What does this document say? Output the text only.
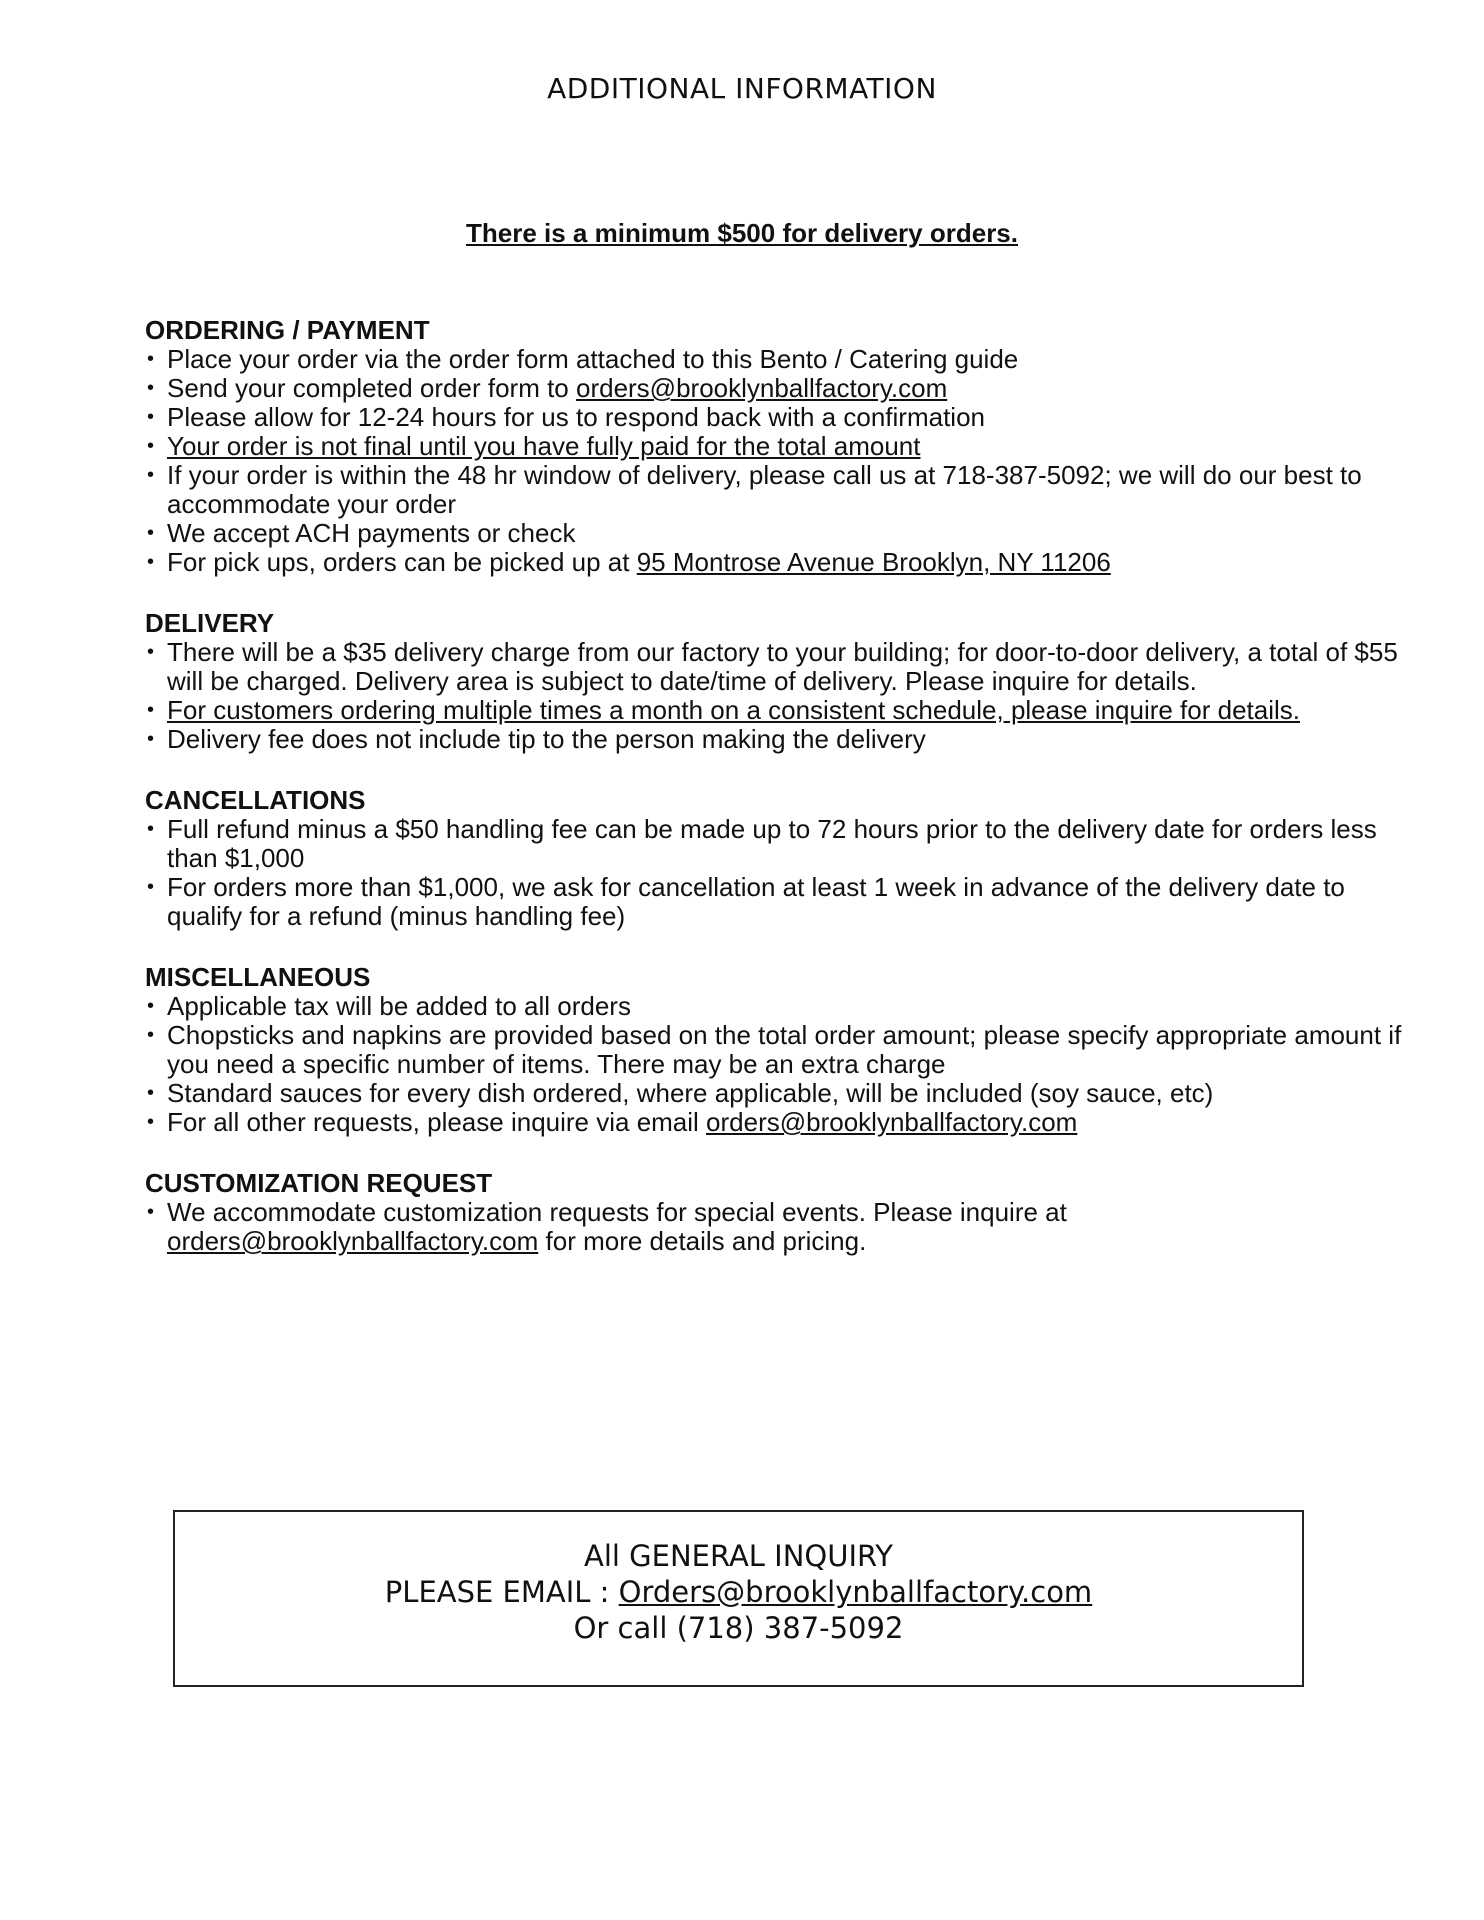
ADDITIONAL INFORMATION
There is a minimum $500 for delivery orders.
ORDERING / PAYMENT
• Place your order via the order form attached to this Bento / Catering guide
• Send your completed order form to orders@brooklynballfactory.com
• Please allow for 12-24 hours for us to respond back with a confirmation
• Your order is not final until you have fully paid for the total amount
• If your order is within the 48 hr window of delivery, please call us at 718-387-5092; we will do our best to accommodate your order
• We accept ACH payments or check
• For pick ups, orders can be picked up at 95 Montrose Avenue Brooklyn, NY 11206
DELIVERY
• There will be a $35 delivery charge from our factory to your building; for door-to-door delivery, a total of $55 will be charged. Delivery area is subject to date/time of delivery. Please inquire for details.
• For customers ordering multiple times a month on a consistent schedule, please inquire for details.
• Delivery fee does not include tip to the person making the delivery
CANCELLATIONS
• Full refund minus a $50 handling fee can be made up to 72 hours prior to the delivery date for orders less than $1,000
• For orders more than $1,000, we ask for cancellation at least 1 week in advance of the delivery date to qualify for a refund (minus handling fee)
MISCELLANEOUS
• Applicable tax will be added to all orders
• Chopsticks and napkins are provided based on the total order amount; please specify appropriate amount if you need a specific number of items. There may be an extra charge
• Standard sauces for every dish ordered, where applicable, will be included (soy sauce, etc)
• For all other requests, please inquire via email orders@brooklynballfactory.com
CUSTOMIZATION REQUEST
• We accommodate customization requests for special events. Please inquire at orders@brooklynballfactory.com for more details and pricing.
All GENERAL INQUIRY
PLEASE EMAIL : Orders@brooklynballfactory.com
Or call (718) 387-5092
